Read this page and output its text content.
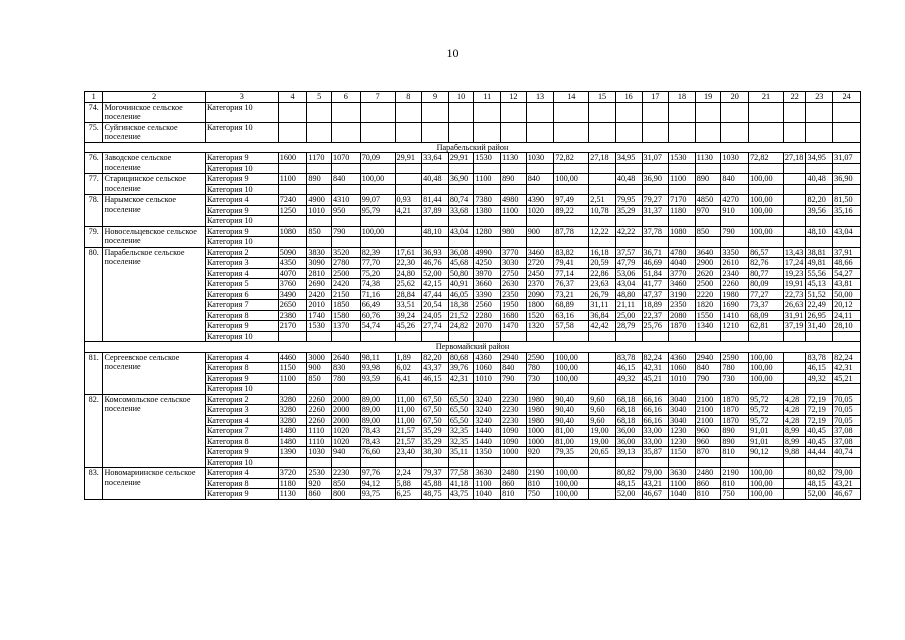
10
1	2	3	4	5	6	7	8	9	10	11	12	13	14	15	16	17	18	19	20	21	22	23	24
74.	Могочинское сельское поселение	Категория 10																					
75.	Суйгинское сельское поселение	Категория 10																					
Парабельский район																							
76.	Заводское сельское поселение	Категория 9	1600	1170	1070	70,09	29,91	33,64	29,91	1530	1130	1030	72,82	27,18	34,95	31,07	1530	1130	1030	72,82	27,18	34,95	31,07
		Категория 10																					
77.	Старицинское сельское поселение	Категория 9	1100	890	840	100,00		40,48	36,90	1100	890	840	100,00		40,48	36,90	1100	890	840	100,00		40,48	36,90
		Категория 10																					
78.	Нарымское сельское поселение	Категория 4	7240	4900	4310	99,07	0,93	81,44	80,74	7380	4980	4390	97,49	2,51	79,95	79,27	7170	4850	4270	100,00		82,20	81,50
		Категория 9	1250	1010	950	95,79	4,21	37,89	33,68	1380	1100	1020	89,22	10,78	35,29	31,37	1180	970	910	100,00		39,56	35,16
		Категория 10																					
79.	Новосельцевское сельское поселение	Категория 9	1080	850	790	100,00		48,10	43,04	1280	980	900	87,78	12,22	42,22	37,78	1080	850	790	100,00		48,10	43,04
		Категория 10																					
80.	Парабельское сельское поселение	Категория 2	5090	3830	3520	82,39	17,61	36,93	36,08	4990	3770	3460	83,82	16,18	37,57	36,71	4780	3640	3350	86,57	13,43	38,81	37,91
		Категория 3	4350	3090	2780	77,70	22,30	46,76	45,68	4250	3030	2720	79,41	20,59	47,79	46,69	4040	2900	2610	82,76	17,24	49,81	48,66
		Категория 4	4070	2810	2500	75,20	24,80	52,00	50,80	3970	2750	2450	77,14	22,86	53,06	51,84	3770	2620	2340	80,77	19,23	55,56	54,27
		Категория 5	3760	2690	2420	74,38	25,62	42,15	40,91	3660	2630	2370	76,37	23,63	43,04	41,77	3460	2500	2260	80,09	19,91	45,13	43,81
		Категория 6	3490	2420	2150	71,16	28,84	47,44	46,05	3390	2350	2090	73,21	26,79	48,80	47,37	3190	2220	1980	77,27	22,73	51,52	50,00
		Категория 7	2650	2010	1850	66,49	33,51	20,54	18,38	2560	1950	1800	68,89	31,11	21,11	18,89	2350	1820	1690	73,37	26,63	22,49	20,12
		Категория 8	2380	1740	1580	60,76	39,24	24,05	21,52	2280	1680	1520	63,16	36,84	25,00	22,37	2080	1550	1410	68,09	31,91	26,95	24,11
		Категория 9	2170	1530	1370	54,74	45,26	27,74	24,82	2070	1470	1320	57,58	42,42	28,79	25,76	1870	1340	1210	62,81	37,19	31,40	28,10
		Категория 10																					
Первомайский район																							
81.	Сергеевское сельское поселение	Категория 4	4460	3000	2640	98,11	1,89	82,20	80,68	4360	2940	2590	100,00		83,78	82,24	4360	2940	2590	100,00		83,78	82,24
		Категория 8	1150	900	830	93,98	6,02	43,37	39,76	1060	840	780	100,00		46,15	42,31	1060	840	780	100,00		46,15	42,31
		Категория 9	1100	850	780	93,59	6,41	46,15	42,31	1010	790	730	100,00		49,32	45,21	1010	790	730	100,00		49,32	45,21
		Категория 10																					
82.	Комсомольское сельское поселение	Категория 2	3280	2260	2000	89,00	11,00	67,50	65,50	3240	2230	1980	90,40	9,60	68,18	66,16	3040	2100	1870	95,72	4,28	72,19	70,05
		Категория 3	3280	2260	2000	89,00	11,00	67,50	65,50	3240	2230	1980	90,40	9,60	68,18	66,16	3040	2100	1870	95,72	4,28	72,19	70,05
		Категория 4	3280	2260	2000	89,00	11,00	67,50	65,50	3240	2230	1980	90,40	9,60	68,18	66,16	3040	2100	1870	95,72	4,28	72,19	70,05
		Категория 7	1480	1110	1020	78,43	21,57	35,29	32,35	1440	1090	1000	81,00	19,00	36,00	33,00	1230	960	890	91,01	8,99	40,45	37,08
		Категория 8	1480	1110	1020	78,43	21,57	35,29	32,35	1440	1090	1000	81,00	19,00	36,00	33,00	1230	960	890	91,01	8,99	40,45	37,08
		Категория 9	1390	1030	940	76,60	23,40	38,30	35,11	1350	1000	920	79,35	20,65	39,13	35,87	1150	870	810	90,12	9,88	44,44	40,74
		Категория 10																					
83.	Новомариинское сельское поселение	Категория 4	3720	2530	2230	97,76	2,24	79,37	77,58	3630	2480	2190	100,00		80,82	79,00	3630	2480	2190	100,00		80,82	79,00
		Категория 8	1180	920	850	94,12	5,88	45,88	41,18	1100	860	810	100,00		48,15	43,21	1100	860	810	100,00		48,15	43,21
		Категория 9	1130	860	800	93,75	6,25	48,75	43,75	1040	810	750	100,00		52,00	46,67	1040	810	750	100,00		52,00	46,67
